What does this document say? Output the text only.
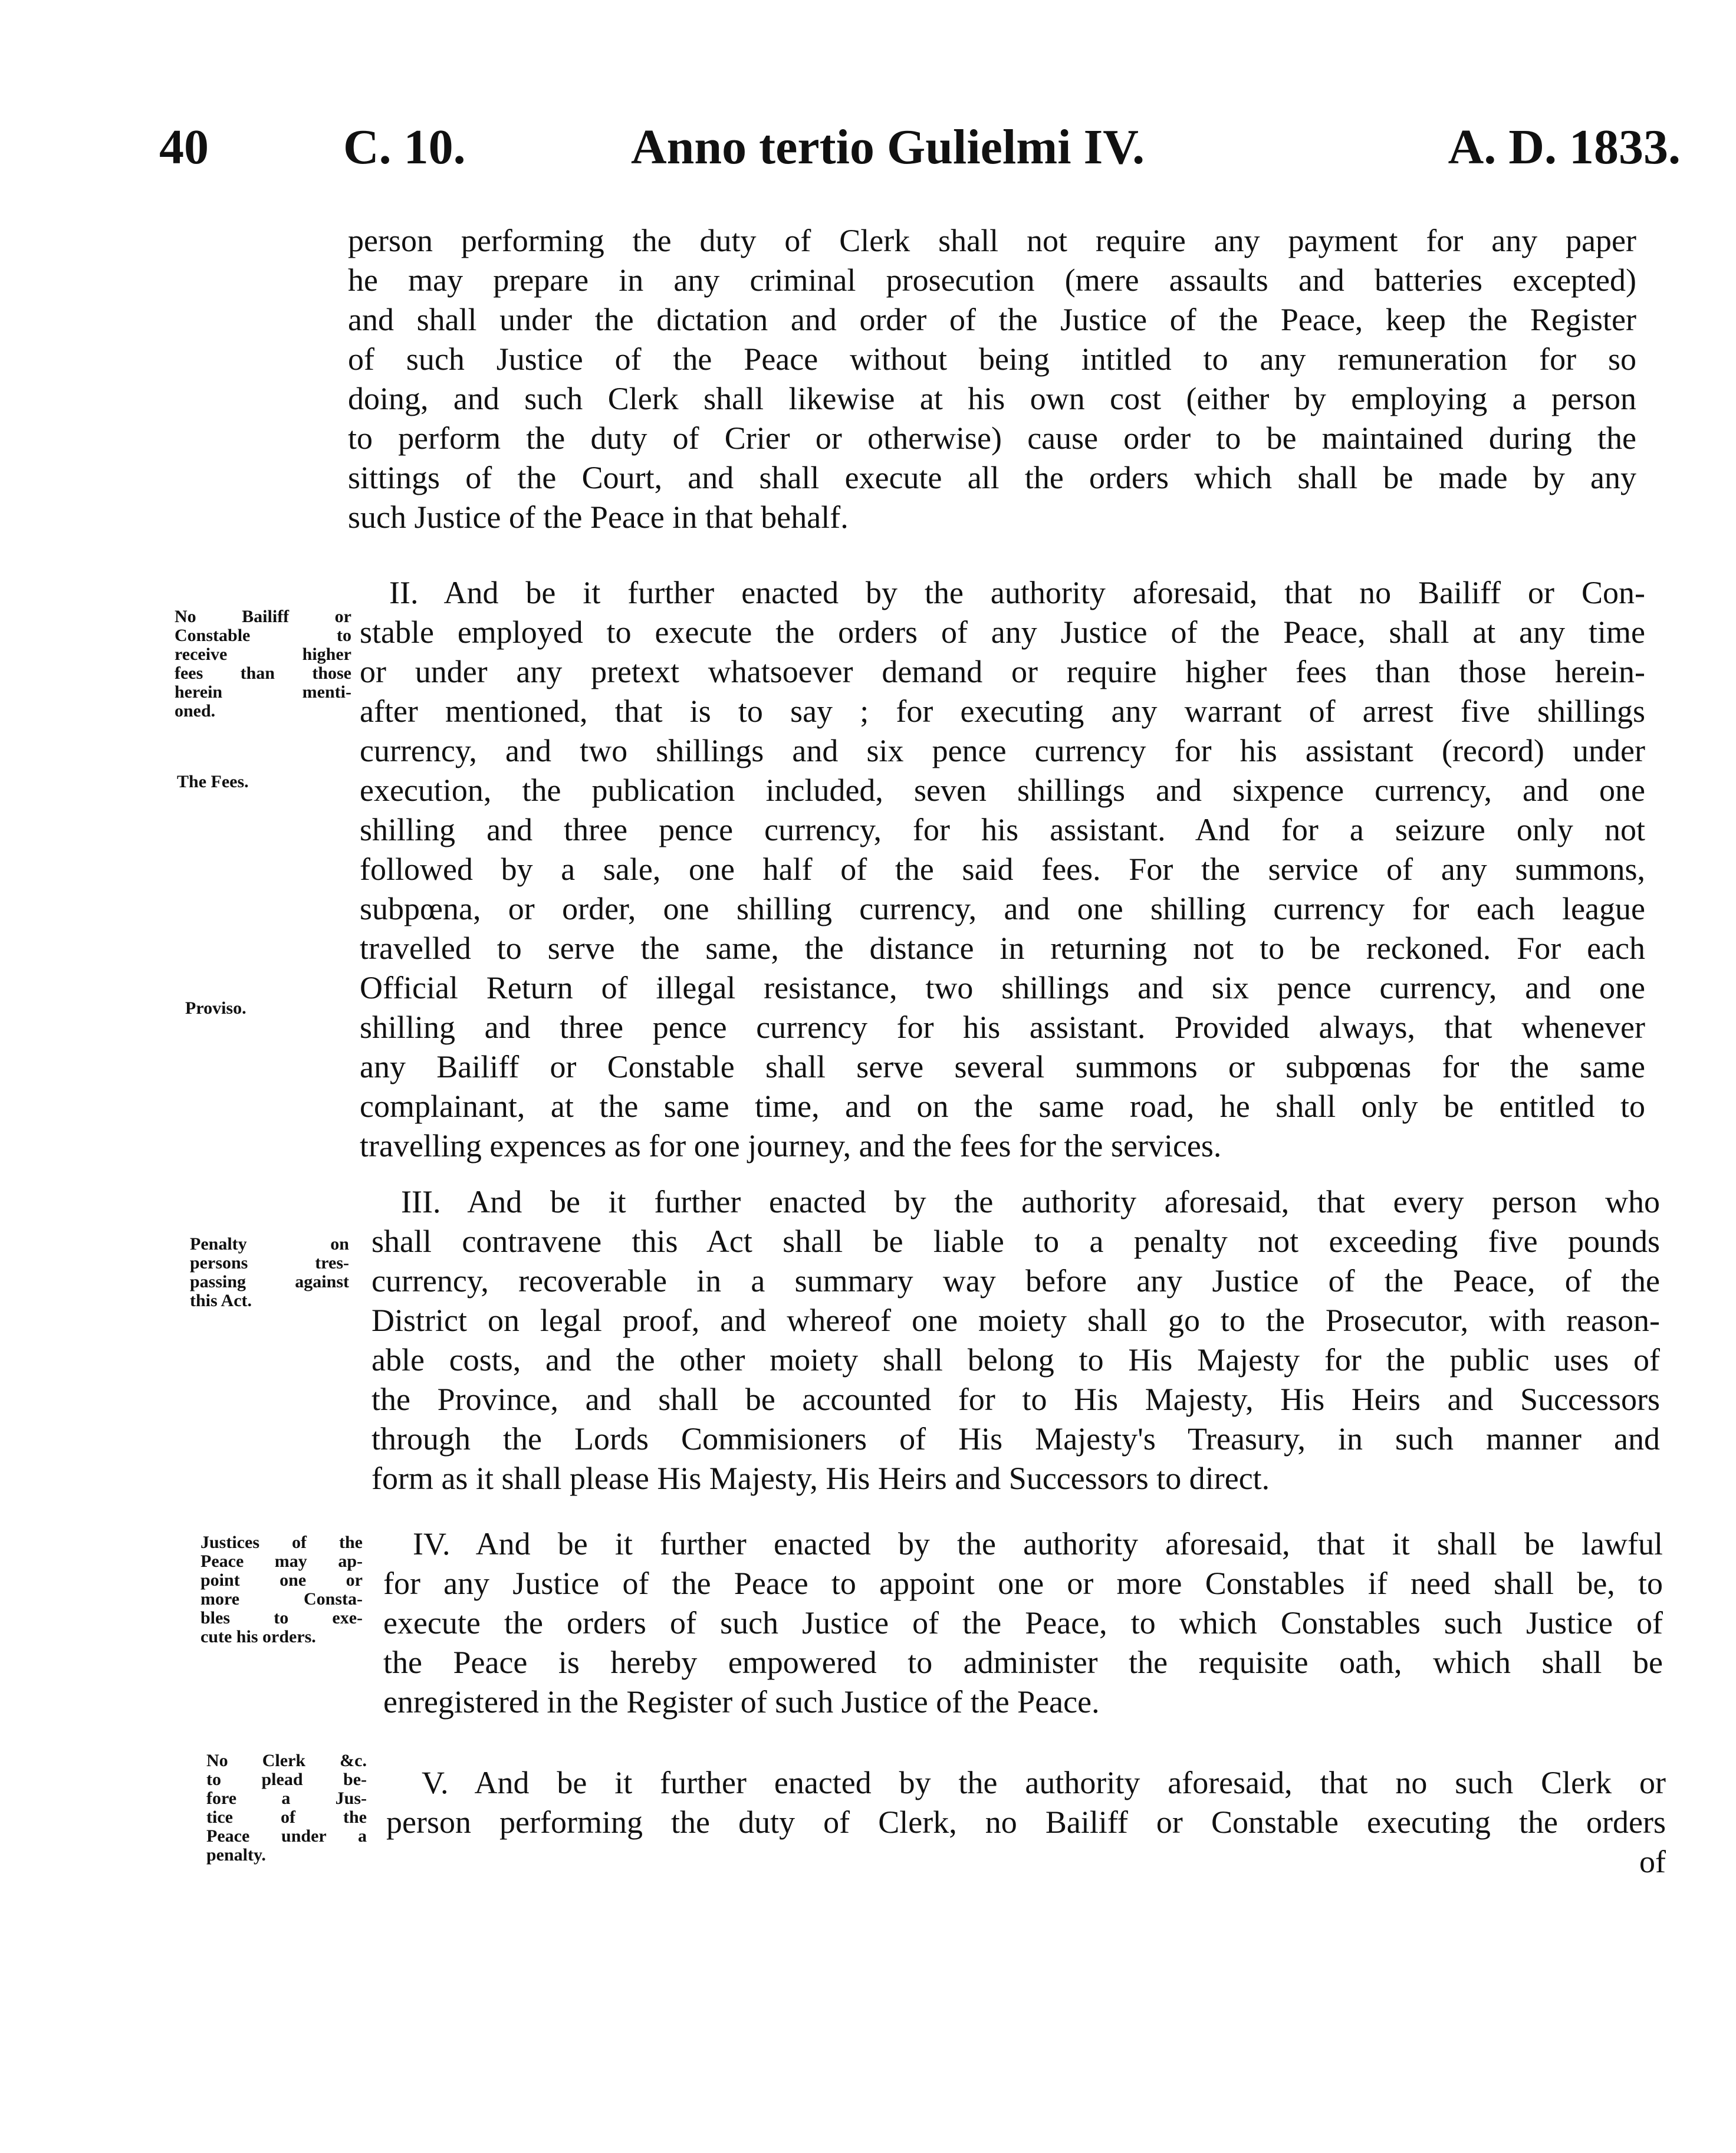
40	C. 10.	Anno tertio Gulielmi IV.	A. D. 1833.
person performing the duty of Clerk shall not require any payment for any paper
he may prepare in any criminal prosecution (mere assaults and batteries excepted)
and shall under the dictation and order of the Justice of the Peace, keep the Register
of such Justice of the Peace without being intitled to any remuneration for so
doing, and such Clerk shall likewise at his own cost (either by employing a person
to perform the duty of Crier or otherwise) cause order to be maintained during the
sittings of the Court, and shall execute all the orders which shall be made by any
such Justice of the Peace in that behalf.
No Bailiff or
Constable to
receive higher
fees than those
herein menti-
oned.
The Fees.
Proviso.
II. And be it further enacted by the authority aforesaid, that no Bailiff or Con-
stable employed to execute the orders of any Justice of the Peace, shall at any time
or under any pretext whatsoever demand or require higher fees than those herein-
after mentioned, that is to say ; for executing any warrant of arrest five shillings
currency, and two shillings and six pence currency for his assistant (record) under
execution, the publication included, seven shillings and sixpence currency, and one
shilling and three pence currency, for his assistant. And for a seizure only not
followed by a sale, one half of the said fees. For the service of any summons,
subpœna, or order, one shilling currency, and one shilling currency for each league
travelled to serve the same, the distance in returning not to be reckoned. For each
Official Return of illegal resistance, two shillings and six pence currency, and one
shilling and three pence currency for his assistant. Provided always, that whenever
any Bailiff or Constable shall serve several summons or subpœnas for the same
complainant, at the same time, and on the same road, he shall only be entitled to
travelling expences as for one journey, and the fees for the services.
Penalty on
persons tres-
passing against
this Act.
III. And be it further enacted by the authority aforesaid, that every person who
shall contravene this Act shall be liable to a penalty not exceeding five pounds
currency, recoverable in a summary way before any Justice of the Peace, of the
District on legal proof, and whereof one moiety shall go to the Prosecutor, with reason-
able costs, and the other moiety shall belong to His Majesty for the public uses of
the Province, and shall be accounted for to His Majesty, His Heirs and Successors
through the Lords Commisioners of His Majesty's Treasury, in such manner and
form as it shall please His Majesty, His Heirs and Successors to direct.
Justices of the
Peace may ap-
point one or
more Consta-
bles to exe-
cute his orders.
IV. And be it further enacted by the authority aforesaid, that it shall be lawful
for any Justice of the Peace to appoint one or more Constables if need shall be, to
execute the orders of such Justice of the Peace, to which Constables such Justice of
the Peace is hereby empowered to administer the requisite oath, which shall be
enregistered in the Register of such Justice of the Peace.
No Clerk &c.
to plead be-
fore a Jus-
tice of the
Peace under a
penalty.
V. And be it further enacted by the authority aforesaid, that no such Clerk or
person performing the duty of Clerk, no Bailiff or Constable executing the orders
of
